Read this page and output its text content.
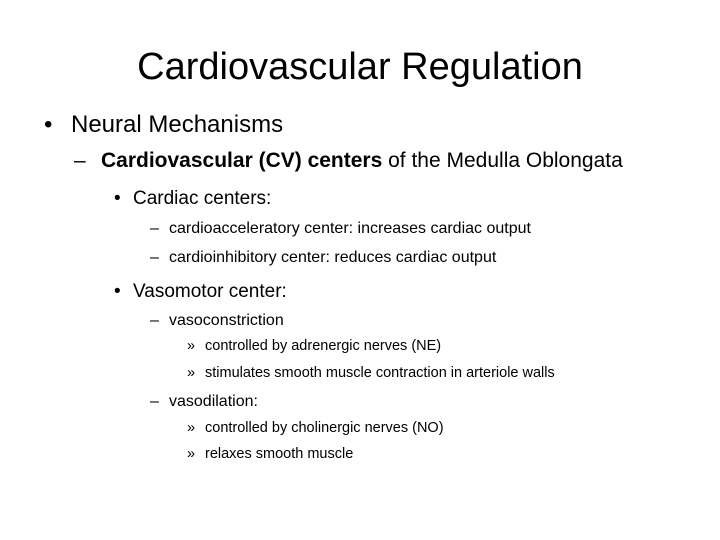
Cardiovascular Regulation
• Neural Mechanisms
– Cardiovascular (CV) centers of the Medulla Oblongata
• Cardiac centers:
– cardioacceleratory center: increases cardiac output
– cardioinhibitory center: reduces cardiac output
• Vasomotor center:
– vasoconstriction
» controlled by adrenergic nerves (NE)
» stimulates smooth muscle contraction in arteriole walls
– vasodilation:
» controlled by cholinergic nerves (NO)
» relaxes smooth muscle
